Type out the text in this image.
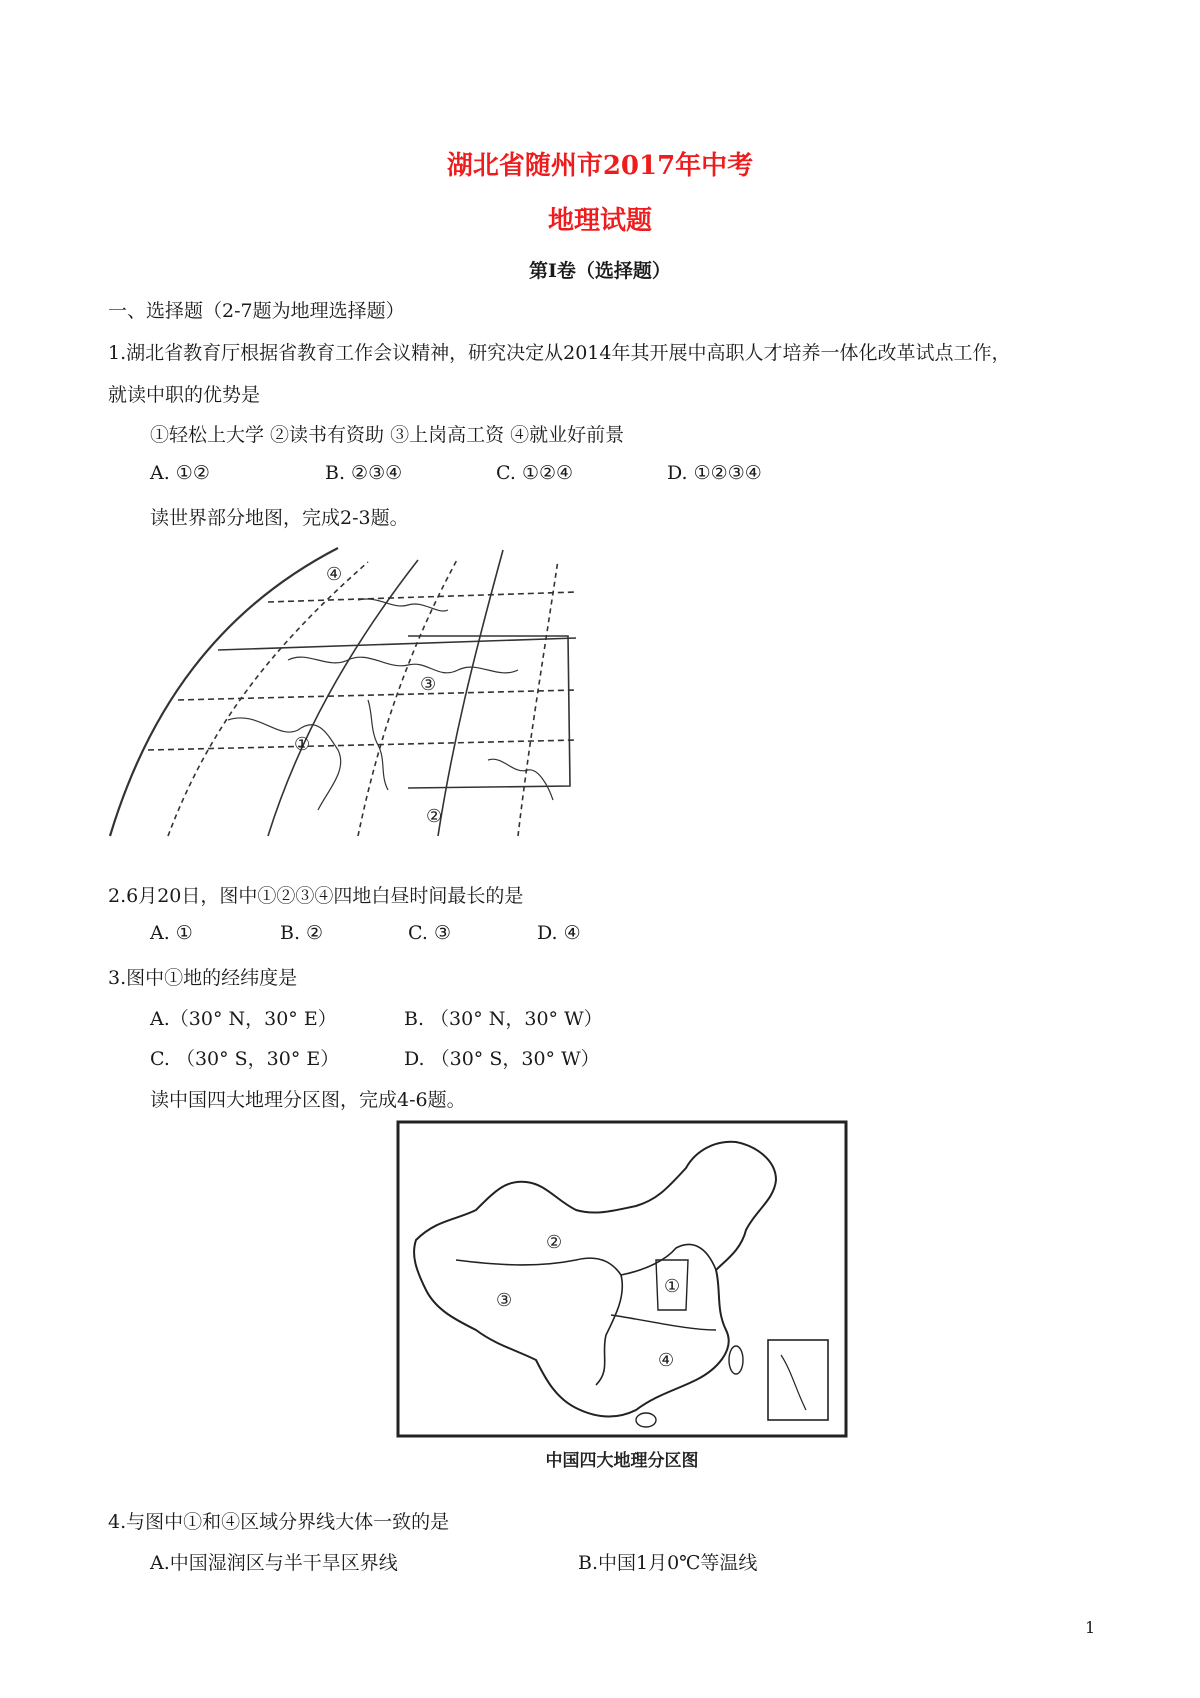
湖北省随州市2017年中考
地理试题
第Ⅰ卷（选择题）
一、选择题（2-7题为地理选择题）
1.湖北省教育厅根据省教育工作会议精神，研究决定从2014年其开展中高职人才培养一体化改革试点工作，
就读中职的优势是
①轻松上大学 ②读书有资助 ③上岗高工资 ④就业好前景
A. ①②	B. ②③④	C. ①②④	D. ①②③④
读世界部分地图，完成2-3题。
①
②
③
④
2.6月20日，图中①②③④四地白昼时间最长的是
A. ①	B. ②	C. ③	D. ④
3.图中①地的经纬度是
A.（30° N，30° E）	B. （30° N，30° W）
C. （30° S，30° E）	D. （30° S，30° W）
读中国四大地理分区图，完成4-6题。
①
②
③
④
中国四大地理分区图
4.与图中①和④区域分界线大体一致的是
A.中国湿润区与半干旱区界线	B.中国1月0℃等温线
1
